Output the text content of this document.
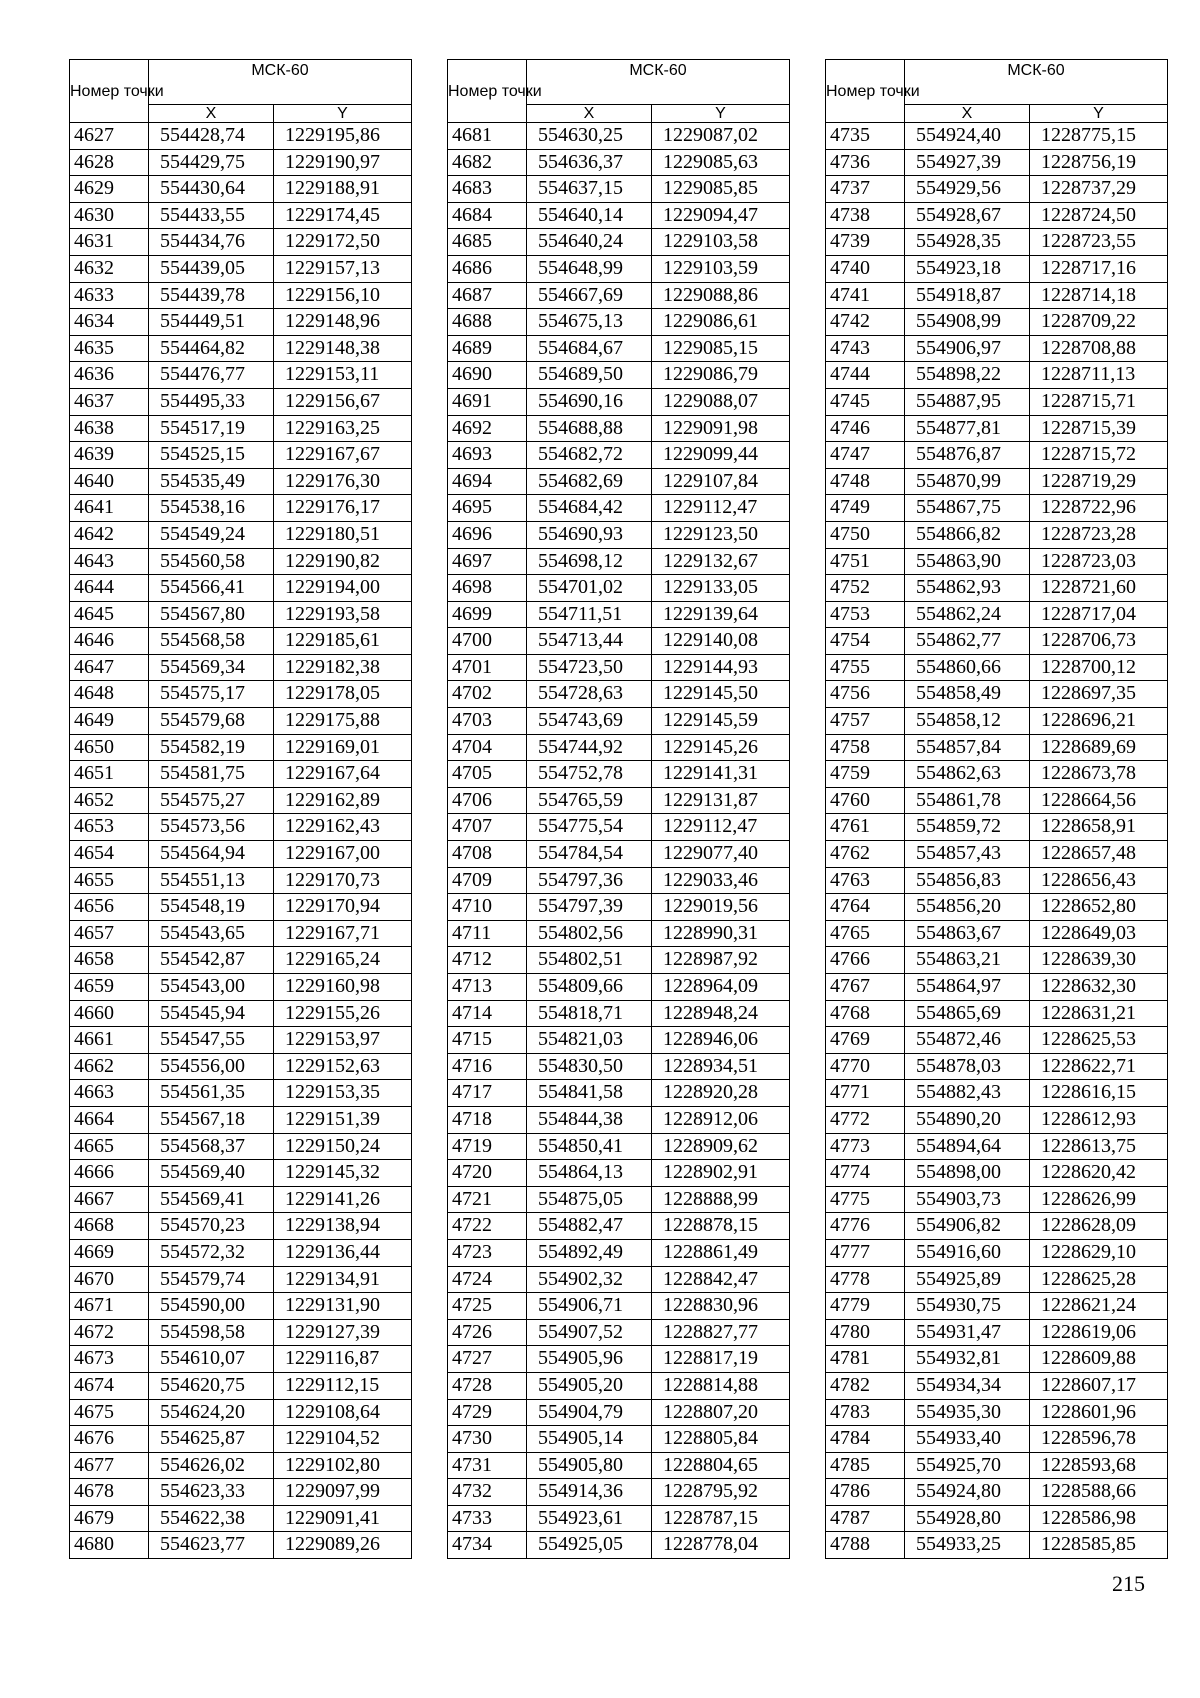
Номер точки	МСК-60	
	X	Y
4627	554428,74	1229195,86
4628	554429,75	1229190,97
4629	554430,64	1229188,91
4630	554433,55	1229174,45
4631	554434,76	1229172,50
4632	554439,05	1229157,13
4633	554439,78	1229156,10
4634	554449,51	1229148,96
4635	554464,82	1229148,38
4636	554476,77	1229153,11
4637	554495,33	1229156,67
4638	554517,19	1229163,25
4639	554525,15	1229167,67
4640	554535,49	1229176,30
4641	554538,16	1229176,17
4642	554549,24	1229180,51
4643	554560,58	1229190,82
4644	554566,41	1229194,00
4645	554567,80	1229193,58
4646	554568,58	1229185,61
4647	554569,34	1229182,38
4648	554575,17	1229178,05
4649	554579,68	1229175,88
4650	554582,19	1229169,01
4651	554581,75	1229167,64
4652	554575,27	1229162,89
4653	554573,56	1229162,43
4654	554564,94	1229167,00
4655	554551,13	1229170,73
4656	554548,19	1229170,94
4657	554543,65	1229167,71
4658	554542,87	1229165,24
4659	554543,00	1229160,98
4660	554545,94	1229155,26
4661	554547,55	1229153,97
4662	554556,00	1229152,63
4663	554561,35	1229153,35
4664	554567,18	1229151,39
4665	554568,37	1229150,24
4666	554569,40	1229145,32
4667	554569,41	1229141,26
4668	554570,23	1229138,94
4669	554572,32	1229136,44
4670	554579,74	1229134,91
4671	554590,00	1229131,90
4672	554598,58	1229127,39
4673	554610,07	1229116,87
4674	554620,75	1229112,15
4675	554624,20	1229108,64
4676	554625,87	1229104,52
4677	554626,02	1229102,80
4678	554623,33	1229097,99
4679	554622,38	1229091,41
4680	554623,77	1229089,26
Номер точки	МСК-60	
	X	Y
4681	554630,25	1229087,02
4682	554636,37	1229085,63
4683	554637,15	1229085,85
4684	554640,14	1229094,47
4685	554640,24	1229103,58
4686	554648,99	1229103,59
4687	554667,69	1229088,86
4688	554675,13	1229086,61
4689	554684,67	1229085,15
4690	554689,50	1229086,79
4691	554690,16	1229088,07
4692	554688,88	1229091,98
4693	554682,72	1229099,44
4694	554682,69	1229107,84
4695	554684,42	1229112,47
4696	554690,93	1229123,50
4697	554698,12	1229132,67
4698	554701,02	1229133,05
4699	554711,51	1229139,64
4700	554713,44	1229140,08
4701	554723,50	1229144,93
4702	554728,63	1229145,50
4703	554743,69	1229145,59
4704	554744,92	1229145,26
4705	554752,78	1229141,31
4706	554765,59	1229131,87
4707	554775,54	1229112,47
4708	554784,54	1229077,40
4709	554797,36	1229033,46
4710	554797,39	1229019,56
4711	554802,56	1228990,31
4712	554802,51	1228987,92
4713	554809,66	1228964,09
4714	554818,71	1228948,24
4715	554821,03	1228946,06
4716	554830,50	1228934,51
4717	554841,58	1228920,28
4718	554844,38	1228912,06
4719	554850,41	1228909,62
4720	554864,13	1228902,91
4721	554875,05	1228888,99
4722	554882,47	1228878,15
4723	554892,49	1228861,49
4724	554902,32	1228842,47
4725	554906,71	1228830,96
4726	554907,52	1228827,77
4727	554905,96	1228817,19
4728	554905,20	1228814,88
4729	554904,79	1228807,20
4730	554905,14	1228805,84
4731	554905,80	1228804,65
4732	554914,36	1228795,92
4733	554923,61	1228787,15
4734	554925,05	1228778,04
Номер точки	МСК-60	
	X	Y
4735	554924,40	1228775,15
4736	554927,39	1228756,19
4737	554929,56	1228737,29
4738	554928,67	1228724,50
4739	554928,35	1228723,55
4740	554923,18	1228717,16
4741	554918,87	1228714,18
4742	554908,99	1228709,22
4743	554906,97	1228708,88
4744	554898,22	1228711,13
4745	554887,95	1228715,71
4746	554877,81	1228715,39
4747	554876,87	1228715,72
4748	554870,99	1228719,29
4749	554867,75	1228722,96
4750	554866,82	1228723,28
4751	554863,90	1228723,03
4752	554862,93	1228721,60
4753	554862,24	1228717,04
4754	554862,77	1228706,73
4755	554860,66	1228700,12
4756	554858,49	1228697,35
4757	554858,12	1228696,21
4758	554857,84	1228689,69
4759	554862,63	1228673,78
4760	554861,78	1228664,56
4761	554859,72	1228658,91
4762	554857,43	1228657,48
4763	554856,83	1228656,43
4764	554856,20	1228652,80
4765	554863,67	1228649,03
4766	554863,21	1228639,30
4767	554864,97	1228632,30
4768	554865,69	1228631,21
4769	554872,46	1228625,53
4770	554878,03	1228622,71
4771	554882,43	1228616,15
4772	554890,20	1228612,93
4773	554894,64	1228613,75
4774	554898,00	1228620,42
4775	554903,73	1228626,99
4776	554906,82	1228628,09
4777	554916,60	1228629,10
4778	554925,89	1228625,28
4779	554930,75	1228621,24
4780	554931,47	1228619,06
4781	554932,81	1228609,88
4782	554934,34	1228607,17
4783	554935,30	1228601,96
4784	554933,40	1228596,78
4785	554925,70	1228593,68
4786	554924,80	1228588,66
4787	554928,80	1228586,98
4788	554933,25	1228585,85
215
